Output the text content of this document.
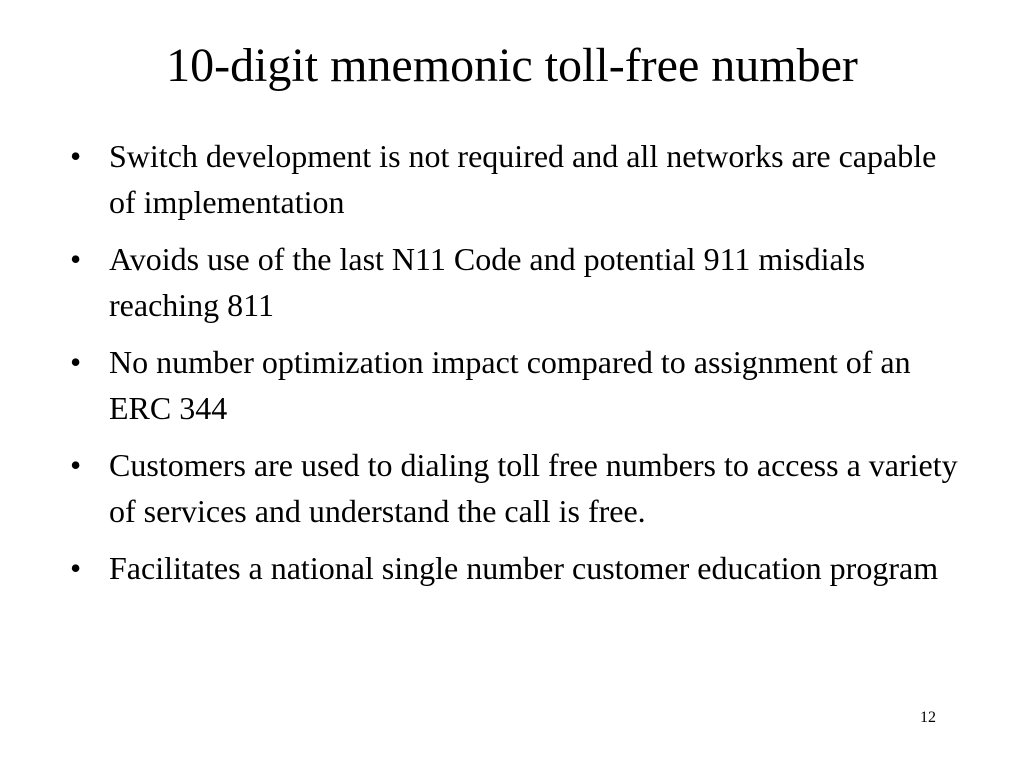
10-digit mnemonic toll-free number
• Switch development is not required and all networks are capable of implementation
• Avoids use of the last N11 Code and potential 911 misdials reaching 811
• No number optimization impact compared to assignment of an ERC 344
• Customers are used to dialing toll free numbers to access a variety of services and understand the call is free.
• Facilitates a national single number customer education program
12
